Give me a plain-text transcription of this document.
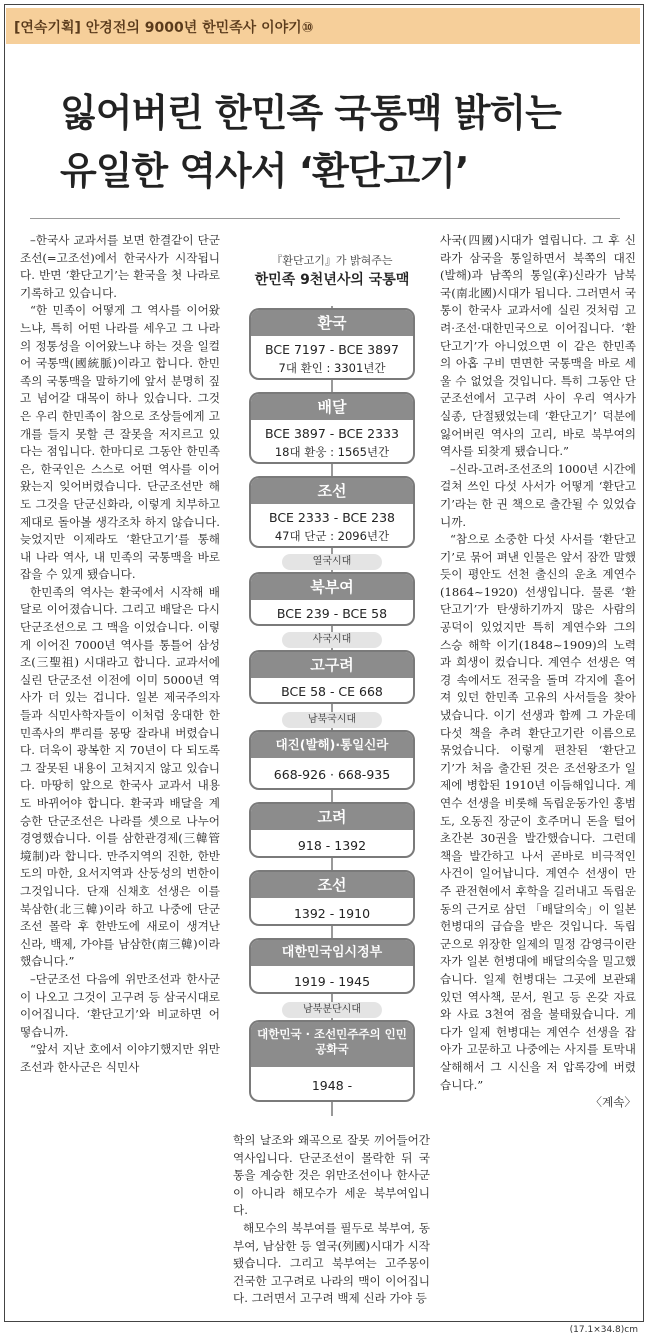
[연속기획] 안경전의 9000년 한민족사 이야기⑩
잃어버린 한민족 국통맥 밝히는
유일한 역사서 ‘환단고기’

–한국사 교과서를 보면 한결같이 단군조선(=고조선)에서 한국사가 시작됩니다. 반면 ‘환단고기’는 환국을 첫 나라로 기록하고 있습니다.

“한 민족이 어떻게 그 역사를 이어왔느냐, 특히 어떤 나라를 세우고 그 나라의 정통성을 이어왔느냐 하는 것을 일컬어 국통맥(國統脈)이라고 합니다. 한민족의 국통맥을 말하기에 앞서 분명히 짚고 넘어갈 대목이 하나 있습니다. 그것은 우리 한민족이 참으로 조상들에게 고개를 들지 못할 큰 잘못을 저지르고 있다는 점입니다. 한마디로 그동안 한민족은, 한국인은 스스로 어떤 역사를 이어왔는지 잊어버렸습니다. 단군조선만 해도 그것을 단군신화라, 이렇게 치부하고 제대로 돌아볼 생각조차 하지 않습니다. 늦었지만 이제라도 ‘환단고기’를 통해 내 나라 역사, 내 민족의 국통맥을 바로잡을 수 있게 됐습니다.

한민족의 역사는 환국에서 시작해 배달로 이어졌습니다. 그리고 배달은 다시 단군조선으로 그 맥을 이었습니다. 이렇게 이어진 7000년 역사를 통틀어 삼성조(三聖祖) 시대라고 합니다. 교과서에 실린 단군조선 이전에 이미 5000년 역사가 더 있는 겁니다. 일본 제국주의자들과 식민사학자들이 이처럼 웅대한 한민족사의 뿌리를 몽땅 잘라내 버렸습니다. 더욱이 광복한 지 70년이 다 되도록 그 잘못된 내용이 고쳐지지 않고 있습니다. 마땅히 앞으로 한국사 교과서 내용도 바뀌어야 합니다. 환국과 배달을 계승한 단군조선은 나라를 셋으로 나누어 경영했습니다. 이를 삼한관경제(三韓管境制)라 합니다. 만주지역의 진한, 한반도의 마한, 요서지역과 산둥성의 번한이 그것입니다. 단재 신채호 선생은 이를 북삼한(北三韓)이라 하고 나중에 단군조선 몰락 후 한반도에 새로이 생겨난 신라, 백제, 가야를 남삼한(南三韓)이라 했습니다.”

–단군조선 다음에 위만조선과 한사군이 나오고 그것이 고구려 등 삼국시대로 이어집니다. ‘환단고기’와 비교하면 어떻습니까.

“앞서 지난 호에서 이야기했지만 위만조선과 한사군은 식민사

『환단고기』가 밝혀주는
한민족 9천년사의 국통맥
환국
BCE 7197 - BCE 3897
7대 환인 : 3301년간
배달
BCE 3897 - BCE 2333
18대 환웅 : 1565년간
조선
BCE 2333 - BCE 238
47대 단군 : 2096년간
열국시대
북부여
BCE 239 - BCE 58
사국시대
고구려
BCE 58 - CE 668
남북국시대
대진(발해)·통일신라
668-926 · 668-935
고려
918 - 1392
조선
1392 - 1910
대한민국임시정부
1919 - 1945
남북분단시대
대한민국 · 조선민주주의 인민공화국
1948 -

학의 날조와 왜곡으로 잘못 끼어들어간 역사입니다. 단군조선이 몰락한 뒤 국통을 계승한 것은 위만조선이나 한사군이 아니라 해모수가 세운 북부여입니다.

해모수의 북부여를 필두로 북부여, 동부여, 남삼한 등 열국(列國)시대가 시작됐습니다. 그리고 북부여는 고주몽이 건국한 고구려로 나라의 맥이 이어집니다. 그러면서 고구려 백제 신라 가야 등

사국(四國)시대가 열립니다. 그 후 신라가 삼국을 통일하면서 북쪽의 대진(발해)과 남쪽의 통일(후)신라가 남북국(南北國)시대가 됩니다. 그러면서 국통이 한국사 교과서에 실린 것처럼 고려·조선·대한민국으로 이어집니다. ‘환단고기’가 아니었으면 이 같은 한민족의 아홉 구비 면면한 국통맥을 바로 세울 수 없었을 것입니다. 특히 그동안 단군조선에서 고구려 사이 우리 역사가 실종, 단절됐었는데 ‘환단고기’ 덕분에 잃어버린 역사의 고리, 바로 북부여의 역사를 되찾게 됐습니다.”

–신라-고려-조선조의 1000년 시간에 걸쳐 쓰인 다섯 사서가 어떻게 ‘환단고기’라는 한 권 책으로 출간될 수 있었습니까.

“참으로 소중한 다섯 사서를 ‘환단고기’로 묶어 펴낸 인물은 앞서 잠깐 말했듯이 평안도 선천 출신의 운초 계연수(1864~1920) 선생입니다. 물론 ‘환단고기’가 탄생하기까지 많은 사람의 공덕이 있었지만 특히 계연수와 그의 스승 해학 이기(1848~1909)의 노력과 희생이 컸습니다. 계연수 선생은 역경 속에서도 전국을 돌며 각지에 흩어져 있던 한민족 고유의 사서들을 찾아냈습니다. 이기 선생과 함께 그 가운데 다섯 책을 추려 환단고기란 이름으로 묶었습니다. 이렇게 편찬된 ‘환단고기’가 처음 출간된 것은 조선왕조가 일제에 병합된 1910년 이듬해입니다. 계연수 선생을 비롯해 독립운동가인 홍범도, 오동진 장군이 호주머니 돈을 털어 초간본 30권을 발간했습니다. 그런데 책을 발간하고 나서 곧바로 비극적인 사건이 일어납니다. 계연수 선생이 만주 관전현에서 후학을 길러내고 독립운동의 근거로 삼던 「배달의숙」이 일본 헌병대의 급습을 받은 것입니다. 독립군으로 위장한 일제의 밀정 감영극이란 자가 일본 헌병대에 배달의숙을 밀고했습니다. 일제 헌병대는 그곳에 보관돼 있던 역사책, 문서, 원고 등 온갖 자료와 사료 3천여 점을 불태웠습니다. 게다가 일제 헌병대는 계연수 선생을 잡아가 고문하고 나중에는 사지를 토막내 살해해서 그 시신을 저 압록강에 버렸습니다.”

〈계속〉

(17.1×34.8)cm
